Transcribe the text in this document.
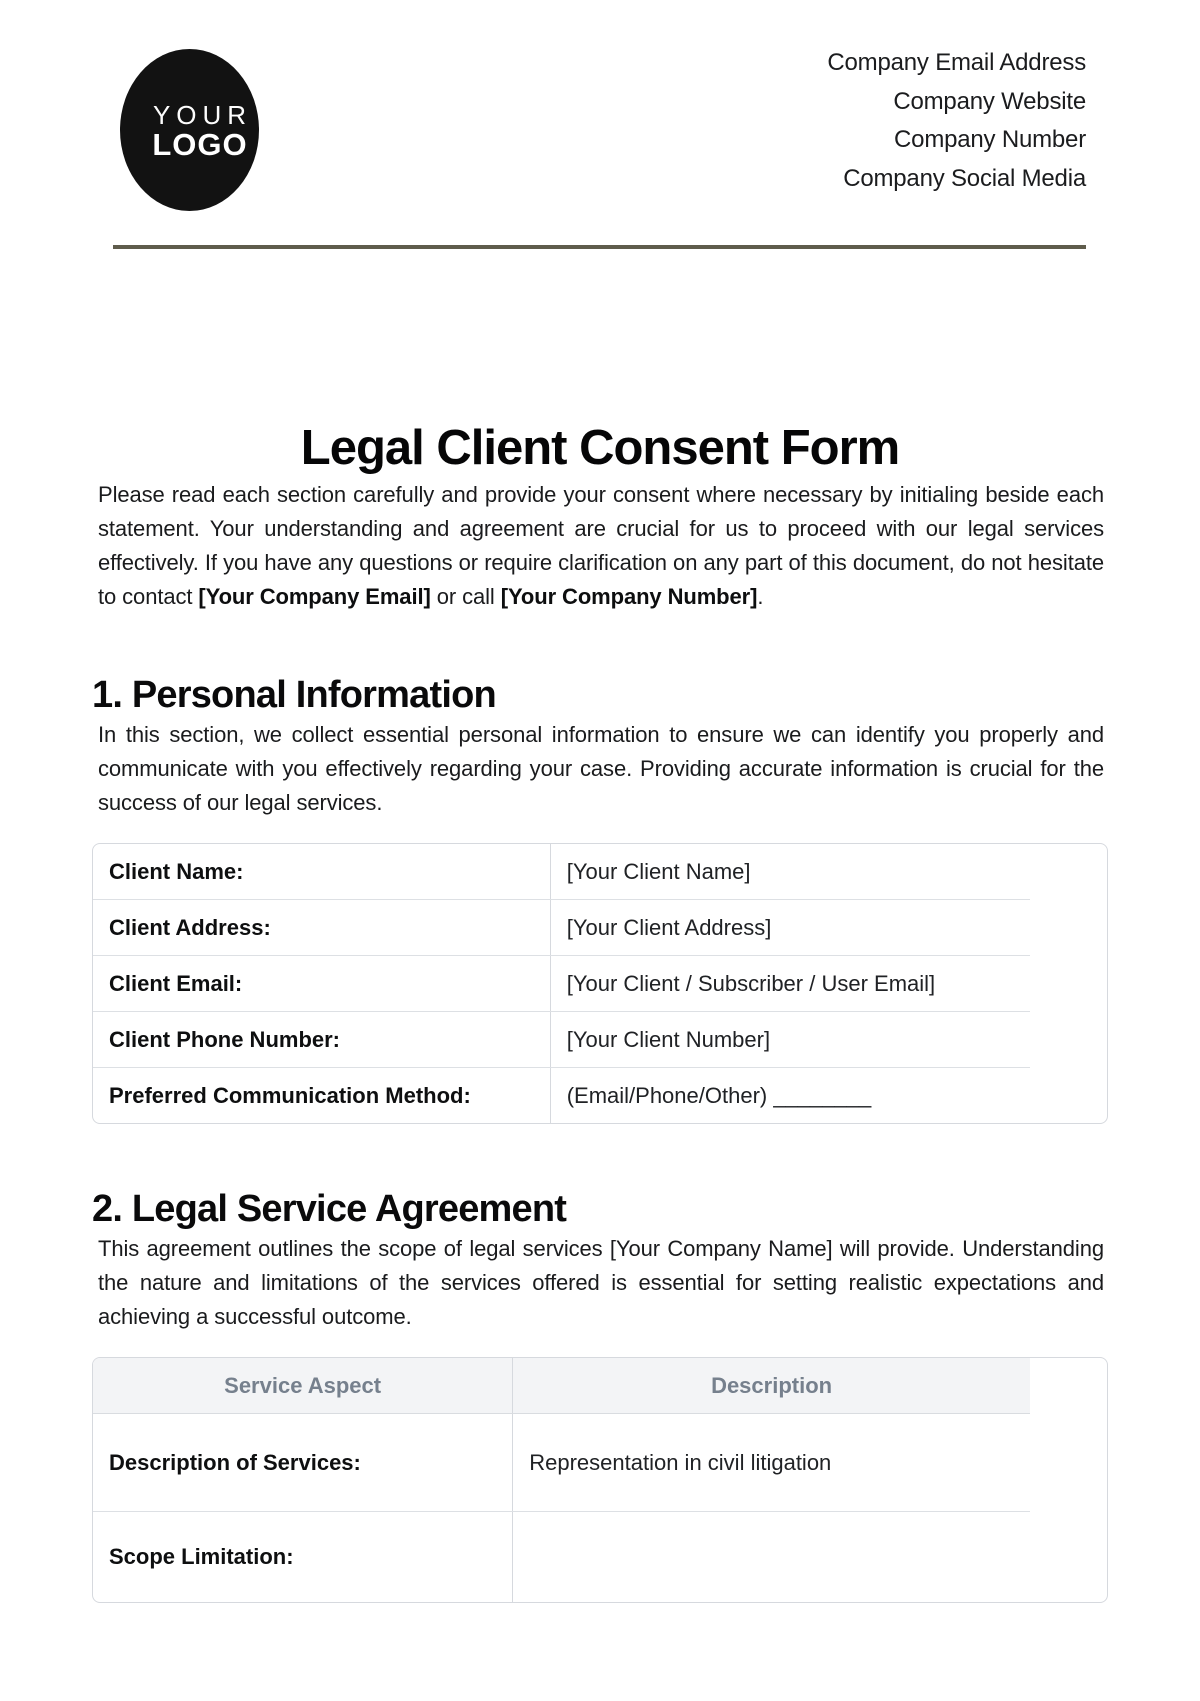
YOUR
LOGO
Company Email Address
Company Website
Company Number
Company Social Media
Legal Client Consent Form

Please read each section carefully and provide your consent where necessary by initialing beside each statement. Your understanding and agreement are crucial for us to proceed with our legal services effectively. If you have any questions or require clarification on any part of this document, do not hesitate to contact [Your Company Email] or call [Your Company Number].

1. Personal Information

In this section, we collect essential personal information to ensure we can identify you properly and communicate with you effectively regarding your case. Providing accurate information is crucial for the success of our legal services.

Client Name:	[Your Client Name]
Client Address:	[Your Client Address]
Client Email:	[Your Client / Subscriber / User Email]
Client Phone Number:	[Your Client Number]
Preferred Communication Method:	(Email/Phone/Other) ________
2. Legal Service Agreement

This agreement outlines the scope of legal services [Your Company Name] will provide. Understanding the nature and limitations of the services offered is essential for setting realistic expectations and achieving a successful outcome.

Service Aspect	Description
Description of Services:	Representation in civil litigation
Scope Limitation:	
